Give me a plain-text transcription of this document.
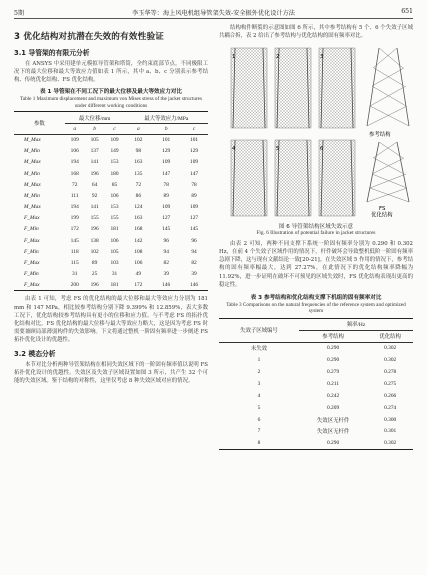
5期	李玉华等：海上风电机组导管架失效-安全振外优化设计方法	651
3 优化结构对抗潜在失效的有效性验证
3.1 导管架的有限元分析
在 ANSYS 中采用建单元模拟导管架和塔筒，全约束底部节点。不同极限工况下的最大位移和最大等效应力值如表 1 所示，其中 a、b、c 分别表示参考结构、传统优化结构、FS 优化结构。
表 1 导管架在不同工况下的最大位移及最大等效应力对比
Table 1 Maximum displacement and maximum von Mises stress of the jacket structures under different working conditions
参数	最大位移/mm			最大等效应力/MPa		
	a	b	c	a	b	c
M_Max	109	105	109	102	101	101
M_Min	106	137	149	98	129	129
M_Max	194	141	153	163	109	109
M_Min	168	196	180	135	147	147
M_Max	72	64	85	72	78	78
M_Min	111	92	106	86	89	89
M_Max	194	141	153	124	109	109
F_Max	199	155	155	163	127	127
F_Min	172	196	181	168	145	145
F_Max	145	138	106	142	96	96
F_Min	118	102	105	108	94	94
F_Max	115	89	103	106	82	82
F_Min	31	25	31	49	39	39
F_Max	200	196	181	172	146	146
由表 1 可知，考虑 FS 的优化结构的最大位移和最大等效应力分别为 181 mm 和 147 MPa，相比较参考结构分别下降 9.399% 和 12.859%，表大多数工况下，优化结构较参考结构具有更小的位移和应力值。与不考虑 FS 的拓扑优化结构对比，FS 优化结构的最大位移与最大等效应力略大，这是因为考虑 FS 时需要兼顾局部薄弱构件的失效影响。下文将通过整机一阶固有频率进一步阐述 FS 拓扑优化设计的优越性。
3.2 模态分析
本节对比分析两种导管架结构在相同失效区域下的一阶固有频率值以说明 FS 拓扑优化设计的优越性。失效区及失效子区域设置如图 3 所示，共产生 32 个可能的失效区域。鉴于结构的对称性，这里仅考虑 8 种失效区域对应的情况。
结构构件断裂的示意图如图 6 所示，其中参考结构有 5 个、6 个失效子区域共耦合拆，表 2 给出了参考结构与优化结构的固有频率对比。
1	2	3
参考结构
4	5	6
FS 优化结构
图 6 导管架结构区域失效示意
Fig. 6 Illustration of potential failure in jacket structures
由表 2 可知，两种不同支撑下系统一阶固有频率分别为 0.290 和 0.302 Hz，在前 4 个失效子区域作用的情况下，杆件破坏会导致整机低阶一阶固有频率急剧下降，这与现有文献结论一致[20-21]。在失效区域 5 作用的情况下，参考结构的固有频率幅最大，达到 27.27%，在此情况下的优化结构频率降幅为 11.92%，进一步证明在破坏不可预见的区域失效时，FS 优化结构表现出更高的稳定性。
表 3 参考结构和优化结构支撑下机组的固有频率对比
Table 3 Comparisons on the natural frequencies of the reference system and optimized system
失效子区域编号	频率/Hz	
	参考结构	优化结构
未失效	0.290	0.302
1	0.290	0.302
2	0.279	0.278
3	0.211	0.275
4	0.242	0.266
5	0.209	0.274
6	失效区无杆件	0.300
7	失效区无杆件	0.301
8	0.290	0.302
